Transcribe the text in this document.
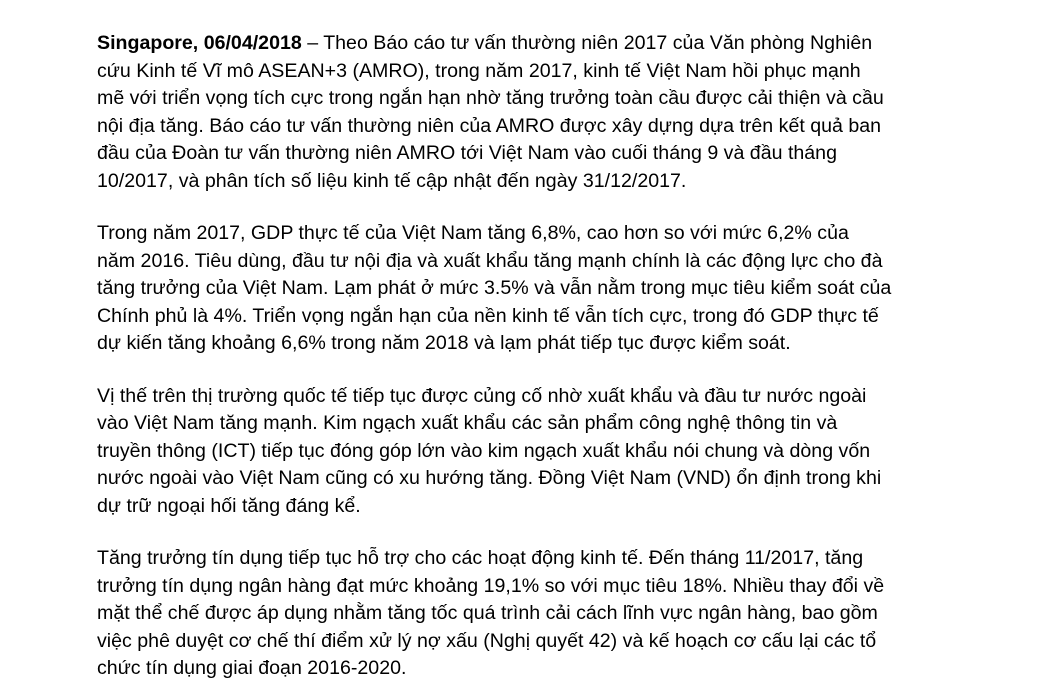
Singapore, 06/04/2018 – Theo Báo cáo tư vấn thường niên 2017 của Văn phòng Nghiên
cứu Kinh tế Vĩ mô ASEAN+3 (AMRO), trong năm 2017, kinh tế Việt Nam hồi phục mạnh
mẽ với triển vọng tích cực trong ngắn hạn nhờ tăng trưởng toàn cầu được cải thiện và cầu
nội địa tăng. Báo cáo tư vấn thường niên của AMRO được xây dựng dựa trên kết quả ban
đầu của Đoàn tư vấn thường niên AMRO tới Việt Nam vào cuối tháng 9 và đầu tháng
10/2017, và phân tích số liệu kinh tế cập nhật đến ngày 31/12/2017.

Trong năm 2017, GDP thực tế của Việt Nam tăng 6,8%, cao hơn so với mức 6,2% của
năm 2016. Tiêu dùng, đầu tư nội địa và xuất khẩu tăng mạnh chính là các động lực cho đà
tăng trưởng của Việt Nam. Lạm phát ở mức 3.5% và vẫn nằm trong mục tiêu kiểm soát của
Chính phủ là 4%. Triển vọng ngắn hạn của nền kinh tế vẫn tích cực, trong đó GDP thực tế
dự kiến tăng khoảng 6,6% trong năm 2018 và lạm phát tiếp tục được kiểm soát.

Vị thế trên thị trường quốc tế tiếp tục được củng cố nhờ xuất khẩu và đầu tư nước ngoài
vào Việt Nam tăng mạnh. Kim ngạch xuất khẩu các sản phẩm công nghệ thông tin và
truyền thông (ICT) tiếp tục đóng góp lớn vào kim ngạch xuất khẩu nói chung và dòng vốn
nước ngoài vào Việt Nam cũng có xu hướng tăng. Đồng Việt Nam (VND) ổn định trong khi
dự trữ ngoại hối tăng đáng kể.

Tăng trưởng tín dụng tiếp tục hỗ trợ cho các hoạt động kinh tế. Đến tháng 11/2017, tăng
trưởng tín dụng ngân hàng đạt mức khoảng 19,1% so với mục tiêu 18%. Nhiều thay đổi về
mặt thể chế được áp dụng nhằm tăng tốc quá trình cải cách lĩnh vực ngân hàng, bao gồm
việc phê duyệt cơ chế thí điểm xử lý nợ xấu (Nghị quyết 42) và kế hoạch cơ cấu lại các tổ
chức tín dụng giai đoạn 2016-2020.
